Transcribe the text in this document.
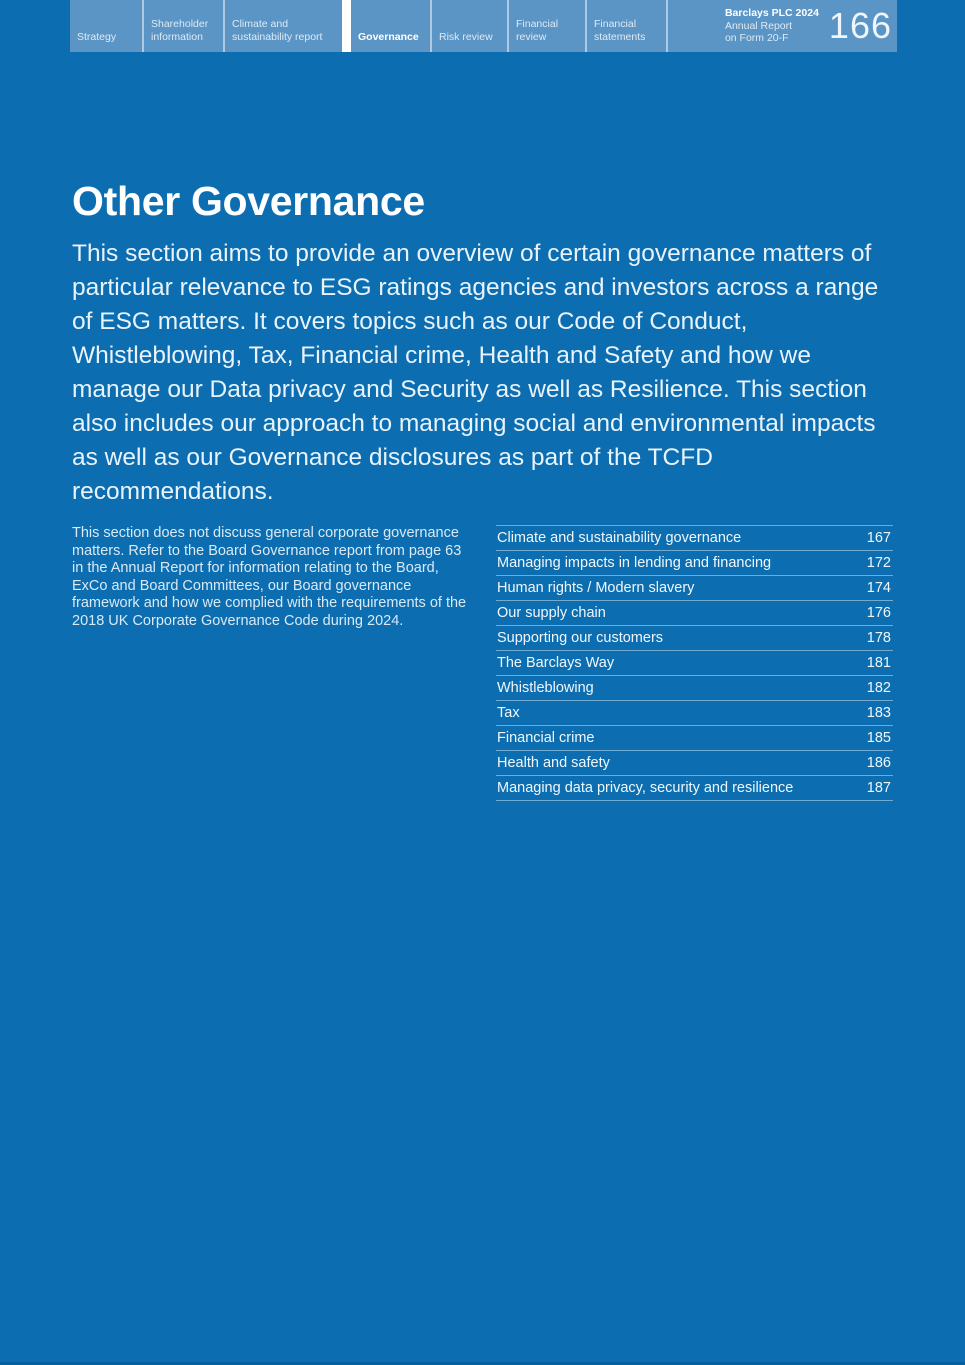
Strategy
Shareholder information
Climate and sustainability report	Governance Risk review
Financial review
Financial statements
Barclays PLC 2024
Annual Report
on Form 20-F	166
Other Governance

This section aims to provide an overview of certain governance matters of particular relevance to ESG ratings agencies and investors across a range of ESG matters. It covers topics such as our Code of Conduct, Whistleblowing, Tax, Financial crime, Health and Safety and how we manage our Data privacy and Security as well as Resilience. This section also includes our approach to managing social and environmental impacts as well as our Governance disclosures as part of the TCFD recommendations.

This section does not discuss general corporate governance matters. Refer to the Board Governance report from page 63 in the Annual Report for information relating to the Board, ExCo and Board Committees, our Board governance framework and how we complied with the requirements of the 2018 UK Corporate Governance Code during 2024.

Climate and sustainability governance	167
Managing impacts in lending and financing	172
Human rights / Modern slavery	174
Our supply chain	176
Supporting our customers	178
The Barclays Way	181
Whistleblowing	182
Tax	183
Financial crime	185
Health and safety	186
Managing data privacy, security and resilience	187
